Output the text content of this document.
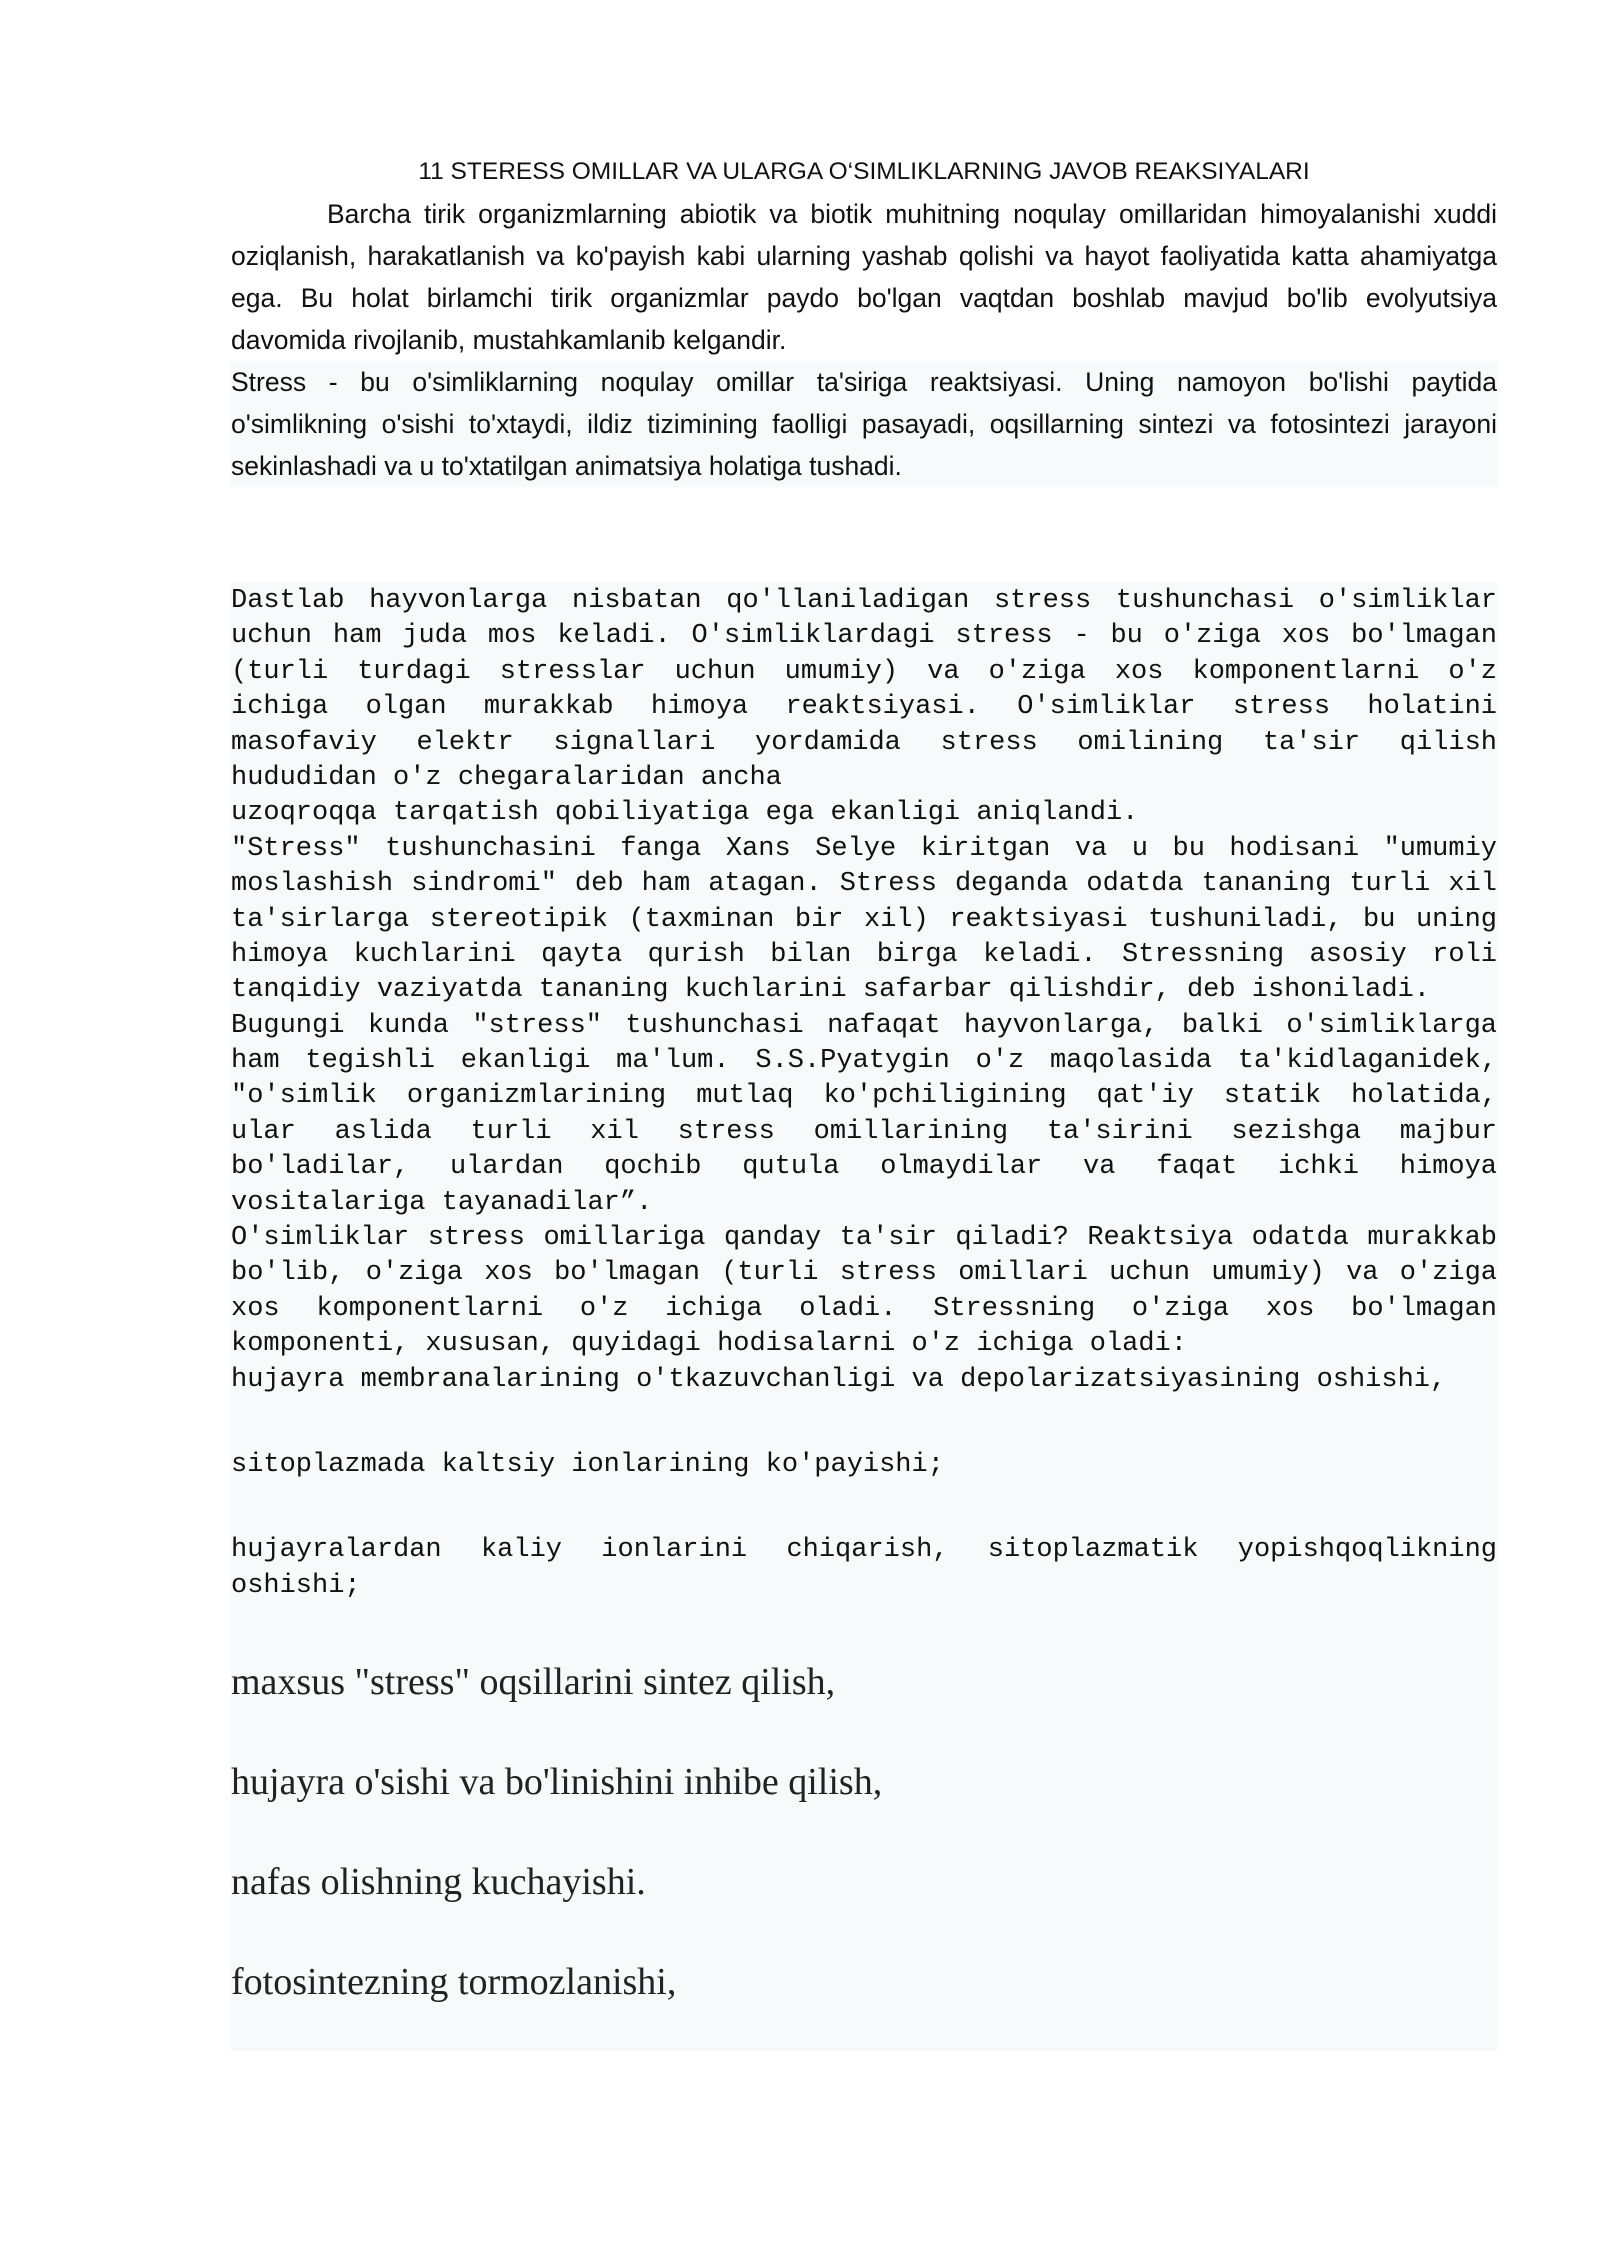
11 STERESS OMILLAR VA ULARGA O‘SIMLIKLARNING JAVOB REAKSIYALARI
Barcha tirik organizmlarning abiotik va biotik muhitning noqulay omillaridan himoyalanishi xuddi
oziqlanish, harakatlanish va ko'payish kabi ularning yashab qolishi va hayot faoliyatida katta ahamiyatga
ega. Bu holat birlamchi tirik organizmlar paydo bo'lgan vaqtdan boshlab mavjud bo'lib evolyutsiya
davomida rivojlanib, mustahkamlanib kelgandir.
Stress - bu o'simliklarning noqulay omillar ta'siriga reaktsiyasi. Uning namoyon bo'lishi paytida
o'simlikning o'sishi to'xtaydi, ildiz tizimining faolligi pasayadi, oqsillarning sintezi va fotosintezi jarayoni
sekinlashadi va u to'xtatilgan animatsiya holatiga tushadi.
Dastlab hayvonlarga nisbatan qo'llaniladigan stress tushunchasi o'simliklar
uchun ham juda mos keladi. O'simliklardagi stress - bu o'ziga xos bo'lmagan
(turli turdagi stresslar uchun umumiy) va o'ziga xos komponentlarni o'z
ichiga olgan murakkab himoya reaktsiyasi. O'simliklar stress holatini
masofaviy elektr signallari yordamida stress omilining ta'sir qilish
hududidan o'z chegaralaridan ancha
uzoqroqqa tarqatish qobiliyatiga ega ekanligi aniqlandi.
"Stress" tushunchasini fanga Xans Selye kiritgan va u bu hodisani "umumiy
moslashish sindromi" deb ham atagan. Stress deganda odatda tananing turli xil
ta'sirlarga stereotipik (taxminan bir xil) reaktsiyasi tushuniladi, bu uning
himoya kuchlarini qayta qurish bilan birga keladi. Stressning asosiy roli
tanqidiy vaziyatda tananing kuchlarini safarbar qilishdir, deb ishoniladi.
Bugungi kunda "stress" tushunchasi nafaqat hayvonlarga, balki o'simliklarga
ham tegishli ekanligi ma'lum. S.S.Pyatygin o'z maqolasida ta'kidlaganidek,
"o'simlik organizmlarining mutlaq ko'pchiligining qat'iy statik holatida,
ular aslida turli xil stress omillarining ta'sirini sezishga majbur
bo'ladilar, ulardan qochib qutula olmaydilar va faqat ichki himoya
vositalariga tayanadilar”.
O'simliklar stress omillariga qanday ta'sir qiladi? Reaktsiya odatda murakkab
bo'lib, o'ziga xos bo'lmagan (turli stress omillari uchun umumiy) va o'ziga
xos komponentlarni o'z ichiga oladi. Stressning o'ziga xos bo'lmagan
komponenti, xususan, quyidagi hodisalarni o'z ichiga oladi:
hujayra membranalarining o'tkazuvchanligi va depolarizatsiyasining oshishi,
sitoplazmada kaltsiy ionlarining ko'payishi;
hujayralardan kaliy ionlarini chiqarish, sitoplazmatik yopishqoqlikning
oshishi;
maxsus "stress" oqsillarini sintez qilish,
hujayra o'sishi va bo'linishini inhibe qilish,
nafas olishning kuchayishi.
fotosintezning tormozlanishi,
